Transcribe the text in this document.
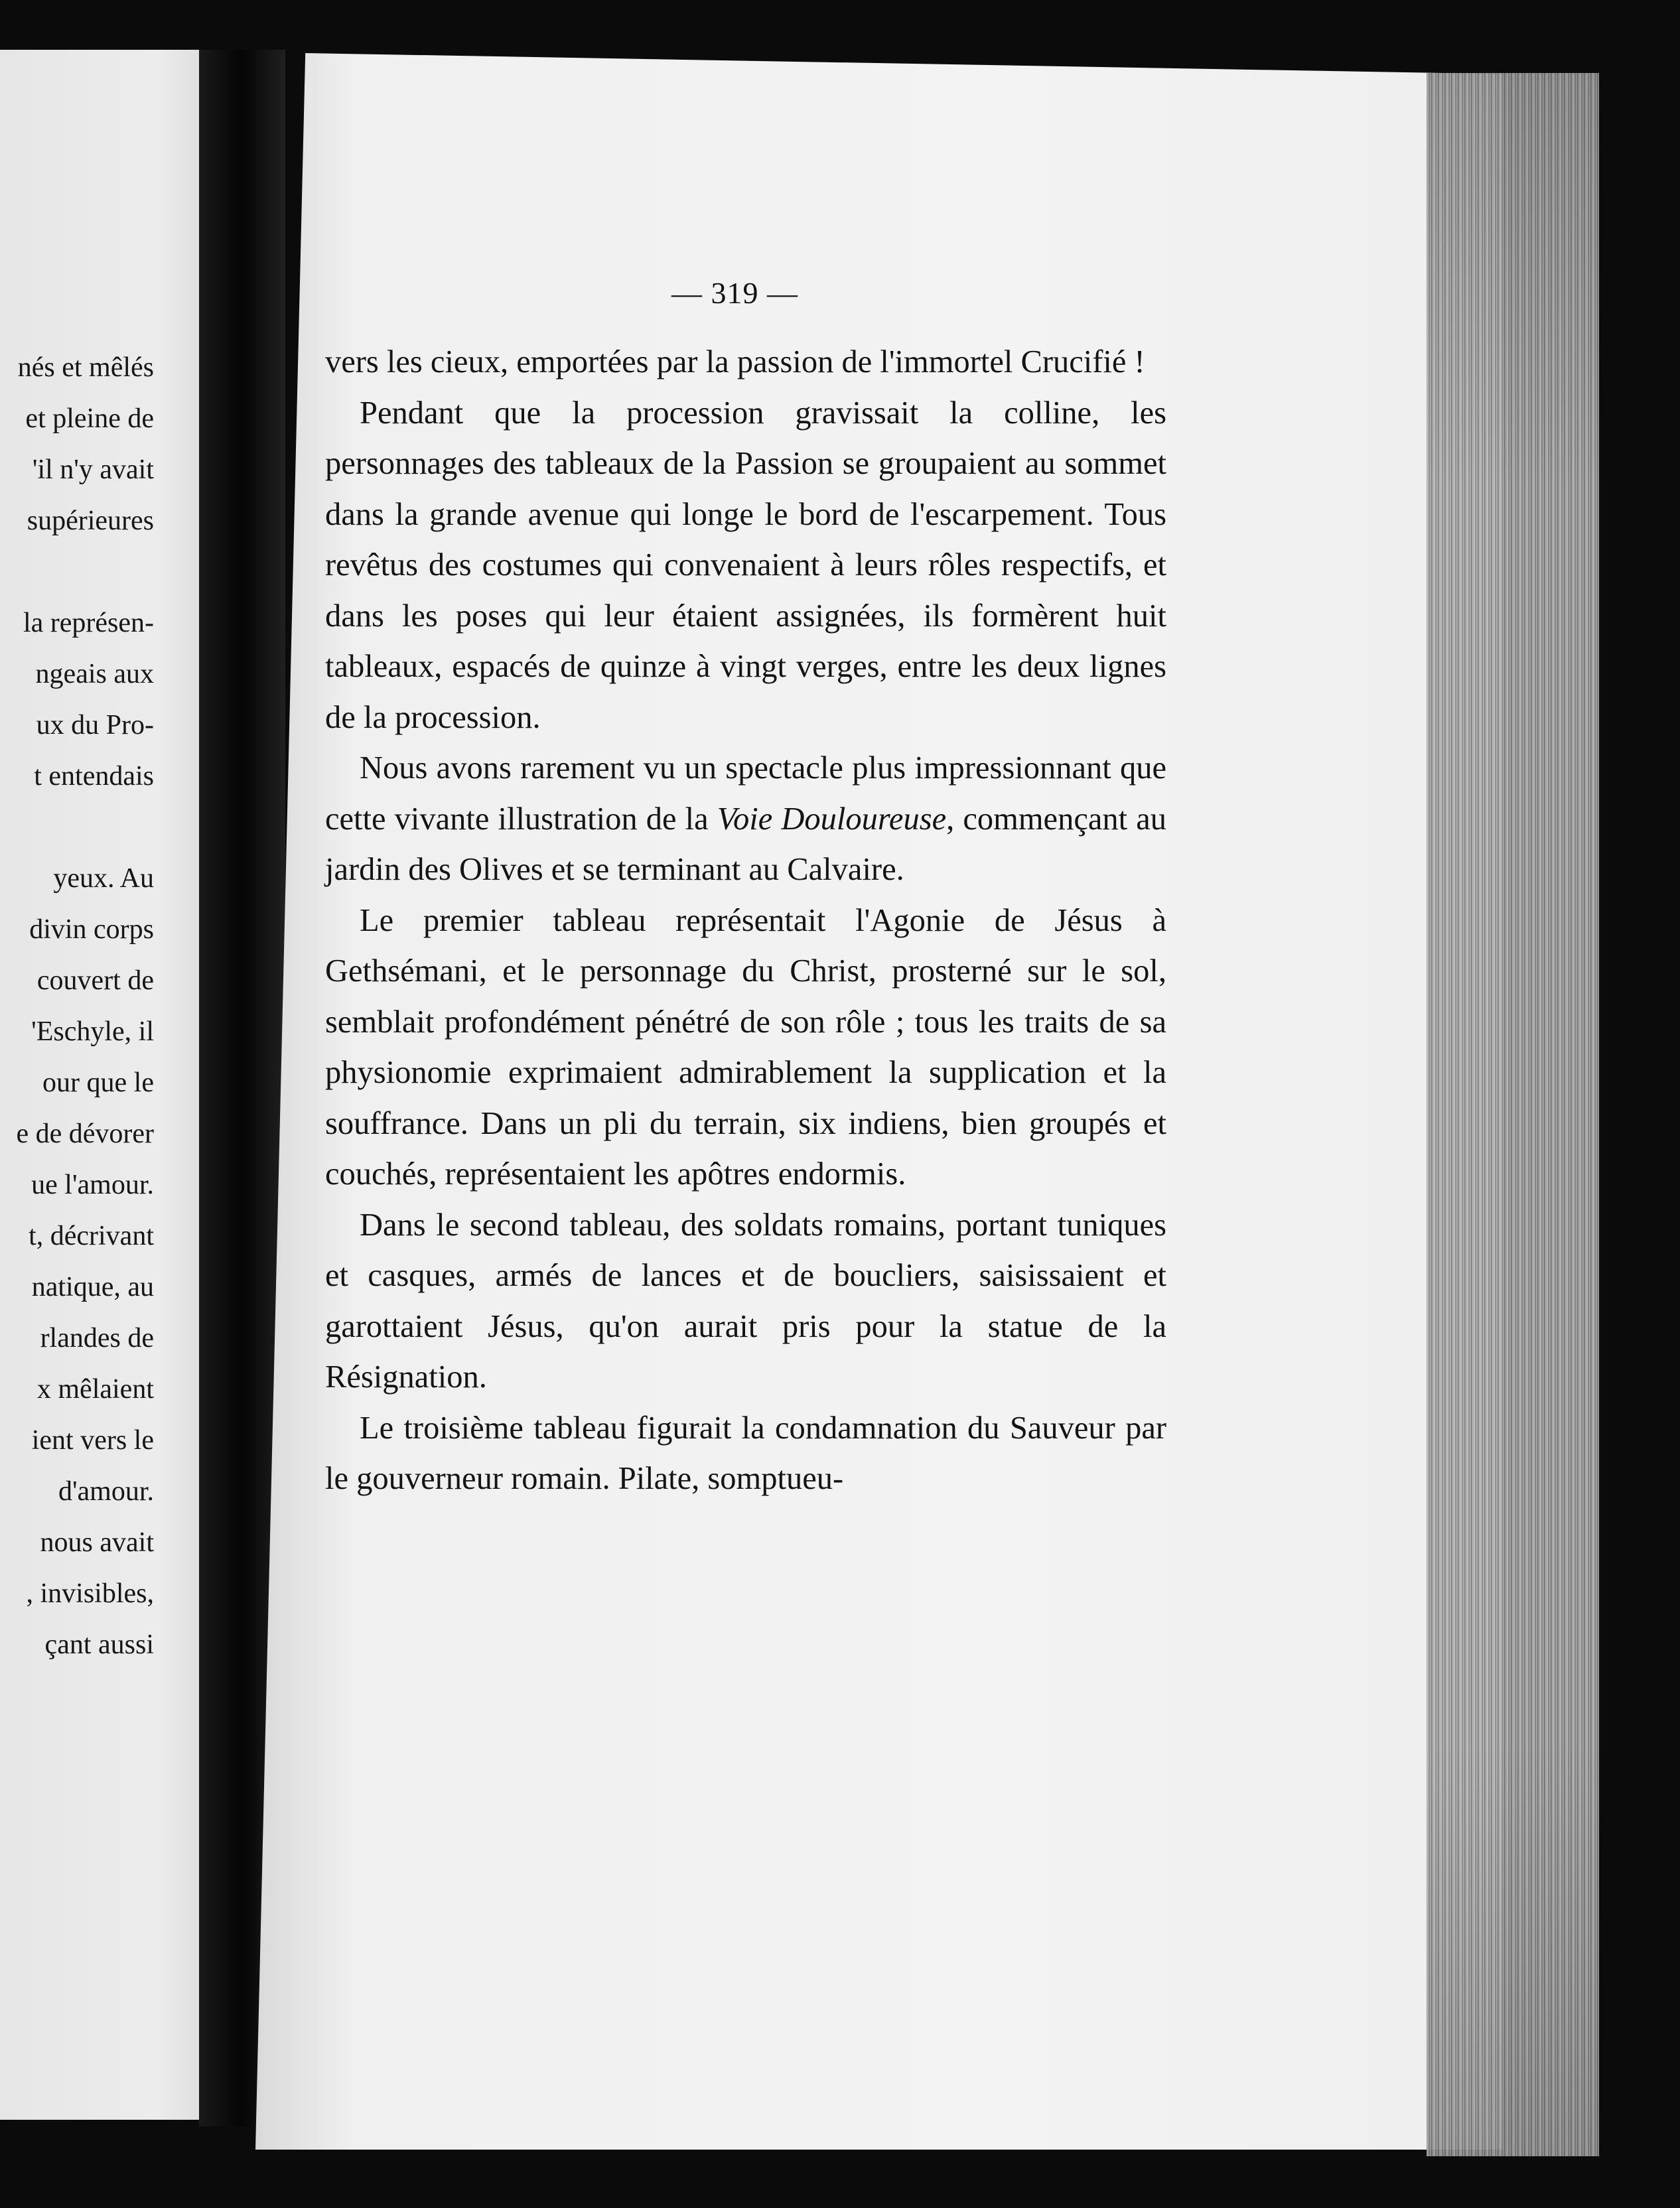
nés et mêlés
et pleine de
'il n'y avait
supérieures
la représen-
ngeais aux
ux du Pro-
t entendais
yeux. Au
divin corps
couvert de
'Eschyle, il
our que le
e de dévorer
ue l'amour.
t, décrivant
natique, au
rlandes de
x mêlaient
ient vers le
d'amour.
nous avait
, invisibles,
çant aussi
— 319 —

vers les cieux, emportées par la passion de l'immortel Crucifié !

Pendant que la procession gravissait la colline, les personnages des tableaux de la Passion se groupaient au sommet dans la grande avenue qui longe le bord de l'escarpement. Tous revêtus des costumes qui convenaient à leurs rôles respectifs, et dans les poses qui leur étaient assignées, ils formèrent huit tableaux, espacés de quinze à vingt verges, entre les deux lignes de la procession.

Nous avons rarement vu un spectacle plus impressionnant que cette vivante illustration de la Voie Douloureuse, commençant au jardin des Olives et se terminant au Calvaire.

Le premier tableau représentait l'Agonie de Jésus à Gethsémani, et le personnage du Christ, prosterné sur le sol, semblait profondément pénétré de son rôle ; tous les traits de sa physionomie exprimaient admirablement la supplication et la souffrance. Dans un pli du terrain, six indiens, bien groupés et couchés, représentaient les apôtres endormis.

Dans le second tableau, des soldats romains, portant tuniques et casques, armés de lances et de boucliers, saisissaient et garottaient Jésus, qu'on aurait pris pour la statue de la Résignation.

Le troisième tableau figurait la condamnation du Sauveur par le gouverneur romain. Pilate, somptueu-
